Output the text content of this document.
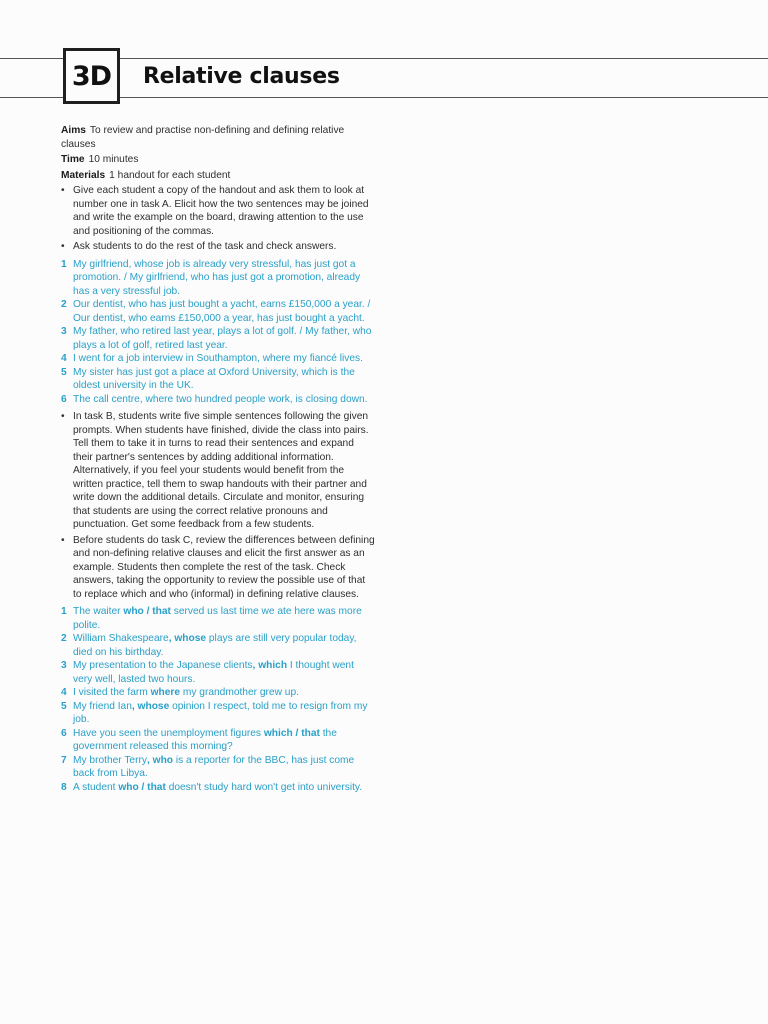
3D	Relative clauses
Aims To review and practise non-defining and defining relative clauses
Time 10 minutes
Materials 1 handout for each student
• Give each student a copy of the handout and ask them to look at number one in task A. Elicit how the two sentences may be joined and write the example on the board, drawing attention to the use and positioning of the commas.
• Ask students to do the rest of the task and check answers.
1 My girlfriend, whose job is already very stressful, has just got a promotion. / My girlfriend, who has just got a promotion, already has a very stressful job.
2 Our dentist, who has just bought a yacht, earns £150,000 a year. / Our dentist, who earns £150,000 a year, has just bought a yacht.
3 My father, who retired last year, plays a lot of golf. / My father, who plays a lot of golf, retired last year.
4 I went for a job interview in Southampton, where my fiancé lives.
5 My sister has just got a place at Oxford University, which is the oldest university in the UK.
6 The call centre, where two hundred people work, is closing down.
• In task B, students write five simple sentences following the given prompts. When students have finished, divide the class into pairs. Tell them to take it in turns to read their sentences and expand their partner's sentences by adding additional information. Alternatively, if you feel your students would benefit from the written practice, tell them to swap handouts with their partner and write down the additional details. Circulate and monitor, ensuring that students are using the correct relative pronouns and punctuation. Get some feedback from a few students.
• Before students do task C, review the differences between defining and non-defining relative clauses and elicit the first answer as an example. Students then complete the rest of the task. Check answers, taking the opportunity to review the possible use of that to replace which and who (informal) in defining relative clauses.
1 The waiter who / that served us last time we ate here was more polite.
2 William Shakespeare, whose plays are still very popular today, died on his birthday.
3 My presentation to the Japanese clients, which I thought went very well, lasted two hours.
4 I visited the farm where my grandmother grew up.
5 My friend Ian, whose opinion I respect, told me to resign from my job.
6 Have you seen the unemployment figures which / that the government released this morning?
7 My brother Terry, who is a reporter for the BBC, has just come back from Libya.
8 A student who / that doesn't study hard won't get into university.
